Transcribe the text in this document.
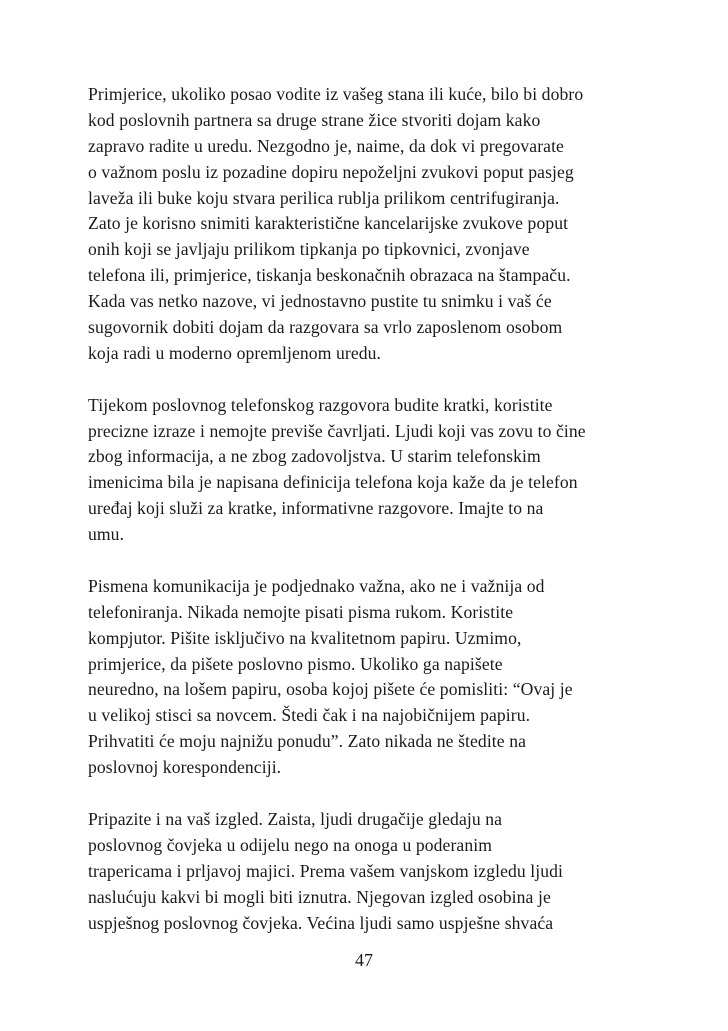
Primjerice, ukoliko posao vodite iz vašeg stana ili kuće, bilo bi dobro
kod poslovnih partnera sa druge strane žice stvoriti dojam kako
zapravo radite u uredu. Nezgodno je, naime, da dok vi pregovarate
o važnom poslu iz pozadine dopiru nepoželjni zvukovi poput pasjeg
laveža ili buke koju stvara perilica rublja prilikom centrifugiranja.
Zato je korisno snimiti karakteristične kancelarijske zvukove poput
onih koji se javljaju prilikom tipkanja po tipkovnici, zvonjave
telefona ili, primjerice, tiskanja beskonačnih obrazaca na štampaču.
Kada vas netko nazove, vi jednostavno pustite tu snimku i vaš će
sugovornik dobiti dojam da razgovara sa vrlo zaposlenom osobom
koja radi u moderno opremljenom uredu.
Tijekom poslovnog telefonskog razgovora budite kratki, koristite
precizne izraze i nemojte previše čavrljati. Ljudi koji vas zovu to čine
zbog informacija, a ne zbog zadovoljstva. U starim telefonskim
imenicima bila je napisana definicija telefona koja kaže da je telefon
uređaj koji služi za kratke, informativne razgovore. Imajte to na
umu.
Pismena komunikacija je podjednako važna, ako ne i važnija od
telefoniranja. Nikada nemojte pisati pisma rukom. Koristite
kompjutor. Pišite isključivo na kvalitetnom papiru. Uzmimo,
primjerice, da pišete poslovno pismo. Ukoliko ga napišete
neuredno, na lošem papiru, osoba kojoj pišete će pomisliti: “Ovaj je
u velikoj stisci sa novcem. Štedi čak i na najobičnijem papiru.
Prihvatiti će moju najnižu ponudu”. Zato nikada ne štedite na
poslovnoj korespondenciji.
Pripazite i na vaš izgled. Zaista, ljudi drugačije gledaju na
poslovnog čovjeka u odijelu nego na onoga u poderanim
trapericama i prljavoj majici. Prema vašem vanjskom izgledu ljudi
naslućuju kakvi bi mogli biti iznutra. Njegovan izgled osobina je
uspješnog poslovnog čovjeka. Većina ljudi samo uspješne shvaća
47
